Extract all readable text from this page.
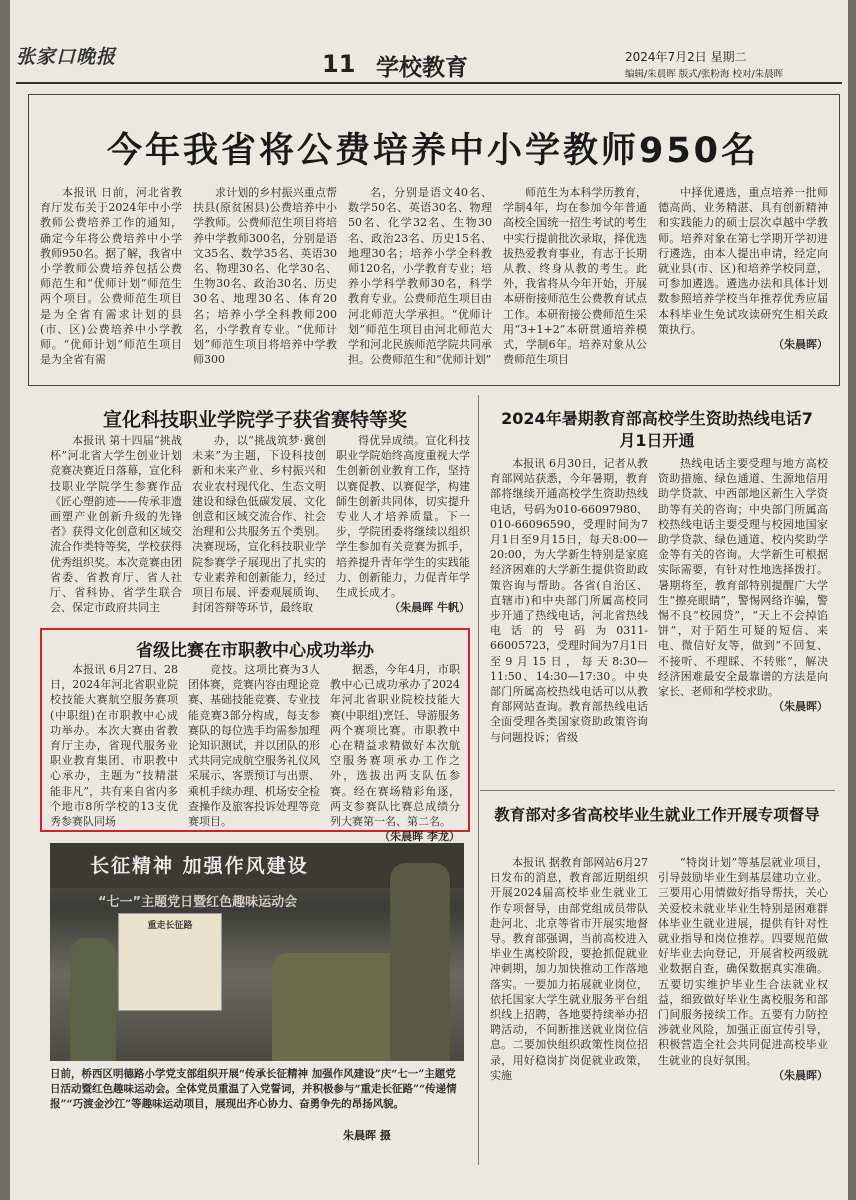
张家口晚报	11 学校教育	2024年7月2日 星期二
编辑/朱晨晖 版式/张粉海 校对/朱晨晖
今年我省将公费培养中小学教师950名

本报讯 日前，河北省教育厅发布关于2024年中小学教师公费培养工作的通知，确定今年将公费培养中小学教师950名。据了解，我省中小学教师公费培养包括公费师范生和“优师计划”师范生两个项目。公费师范生项目是为全省有需求计划的县(市、区)公费培养中小学教师。“优师计划”师范生项目是为全省有需

求计划的乡村振兴重点帮扶县(原贫困县)公费培养中小学教师。公费师范生项目将培养中学教师300名，分别是语文35名、数学35名、英语30名、物理30名、化学30名、生物30名、政治30名、历史30名、地理30名、体育20名；培养小学全科教师200名，小学教育专业。“优师计划”师范生项目将培养中学教师300

名，分别是语文40名、数学50名、英语30名、物理50名、化学32名、生物30名、政治23名、历史15名、地理30名；培养小学全科教师120名，小学教育专业；培养小学科学教师30名，科学教育专业。公费师范生项目由河北师范大学承担。“优师计划”师范生项目由河北师范大学和河北民族师范学院共同承担。公费师范生和“优师计划”

师范生为本科学历教育，学制4年，均在参加今年普通高校全国统一招生考试的考生中实行提前批次录取，择优选拔热爱教育事业，有志于长期从教、终身从教的考生。此外，我省将从今年开始，开展本研衔接师范生公费教育试点工作。本研衔接公费师范生采用“3+1+2”本研贯通培养模式，学制6年。培养对象从公费师范生项目

中择优遴选，重点培养一批师德高尚、业务精湛、具有创新精神和实践能力的硕士层次卓越中学教师。培养对象在第七学期开学初进行遴选，由本人提出申请，经定向就业县(市、区)和培养学校同意，可参加遴选。遴选办法和具体计划数参照培养学校当年推荐优秀应届本科毕业生免试攻读研究生相关政策执行。
（朱晨晖）

宣化科技职业学院学子获省赛特等奖

本报讯 第十四届“挑战杯”河北省大学生创业计划竞赛决赛近日落幕，宣化科技职业学院学生参赛作品《匠心塑韵迹——传承非遗画塑产业创新升级的先锋者》获得文化创意和区域交流合作类特等奖，学校获得优秀组织奖。本次竞赛由团省委、省教育厅、省人社厅、省科协、省学生联合会、保定市政府共同主

办，以“挑战筑梦·冀创未来”为主题，下设科技创新和未来产业、乡村振兴和农业农村现代化、生态文明建设和绿色低碳发展、文化创意和区域交流合作、社会治理和公共服务五个类别。决赛现场，宣化科技职业学院参赛学子展现出了扎实的专业素养和创新能力，经过项目布展、评委观展质询、封闭答辩等环节，最终取

得优异成绩。宣化科技职业学院始终高度重视大学生创新创业教育工作，坚持以赛促教、以赛促学，构建師生创新共同体，切实提升专业人才培养质量。下一步，学院团委将继续以组织学生参加有关竞赛为抓手，培养提升青年学生的实践能力、创新能力，力促青年学生成长成才。
（朱晨晖 牛帆）

省级比赛在市职教中心成功举办

本报讯 6月27日、28日，2024年河北省职业院校技能大赛航空服务赛项(中职组)在市职教中心成功举办。本次大赛由省教育厅主办，省现代服务业职业教育集团、市职教中心承办，主题为“技精湛 能非凡”，共有来自省内多个地市8所学校的13支优秀参赛队同场

竞技。这项比赛为3人团体赛，竞赛内容由理论竞赛、基础技能竞赛、专业技能竞赛3部分构成，每支参赛队的每位选手均需参加理论知识测试，并以团队的形式共同完成航空服务礼仪风采展示、客票预订与出票、乘机手续办理、机场安全检查操作及旅客投诉处理等竞赛项目。

据悉，今年4月，市职教中心已成功承办了2024年河北省职业院校技能大赛(中职组)烹饪、导游服务两个赛项比赛。市职教中心在精益求精做好本次航空服务赛项承办工作之外，选拔出两支队伍参赛。经在赛场精彩角逐，两支参赛队比赛总成绩分列大赛第一名、第二名。
（朱晨晖 李龙）

长征精神 加强作风建设
“七一”主题党日暨红色趣味运动会
重走长征路
日前，桥西区明德路小学党支部组织开展“传承长征精神 加强作风建设”庆“七一”主题党日活动暨红色趣味运动会。全体党员重温了入党誓词，并积极参与“重走长征路”“传递情报”“巧渡金沙江”等趣味运动项目，展现出齐心协力、奋勇争先的昂扬风貌。
朱晨晖 摄
2024年暑期教育部高校学生资助热线电话7月1日开通

本报讯 6月30日，记者从教育部网站获悉，今年暑期，教育部将继续开通高校学生资助热线电话，号码为010-66097980、010-66096590，受理时间为7月1日至9月15日，每天8:00—20:00，为大学新生特别是家庭经济困难的大学新生提供资助政策咨询与帮助。各省(自治区、直辖市)和中央部门所属高校同步开通了热线电话，河北省热线电话的号码为0311-66005723，受理时间为7月1日至9月15日，每天8:30—11:50、14:30—17:30。中央部门所属高校热线电话可以从教育部网站查询。教育部热线电话全面受理各类国家资助政策咨询与问题投诉；省级

热线电话主要受理与地方高校资助措施、绿色通道、生源地信用助学贷款、中西部地区新生入学资助等有关的咨询；中央部门所属高校热线电话主要受理与校园地国家助学贷款、绿色通道、校内奖助学金等有关的咨询。大学新生可根据实际需要，有针对性地选择拨打。暑期将至，教育部特别提醒广大学生“擦亮眼睛”，警惕网络诈骗，警惕不良“校园贷”，“天上不会掉馅饼”，对于陌生可疑的短信、来电、微信好友等，做到“不回复、不接听、不理睬、不转账”，解决经济困难最安全最靠谱的方法是向家长、老师和学校求助。
（朱晨晖）

教育部对多省高校毕业生就业工作开展专项督导

本报讯 据教育部网站6月27日发布的消息，教育部近期组织开展2024届高校毕业生就业工作专项督导，由部党组成员带队赴河北、北京等省市开展实地督导。教育部强调，当前高校进入毕业生离校阶段，要抢抓促就业冲刺期，加力加快推动工作落地落实。一要加力拓展就业岗位，依托国家大学生就业服务平台组织线上招聘，各地要持续举办招聘活动，不间断推送就业岗位信息。二要加快组织政策性岗位招录，用好稳岗扩岗促就业政策，实施

“特岗计划”等基层就业项目，引导鼓励毕业生到基层建功立业。三要用心用情做好指导帮扶，关心关爱校未就业毕业生特别是困难群体毕业生就业进展，提供有针对性就业指导和岗位推荐。四要规范做好毕业去向登记，开展省校两级就业数据自查，确保数据真实准确。五要切实维护毕业生合法就业权益，细致做好毕业生离校服务和部门间服务接续工作。五要有力防控涉就业风险，加强正面宣传引导，积极营造全社会共同促进高校毕业生就业的良好氛围。
（朱晨晖）
